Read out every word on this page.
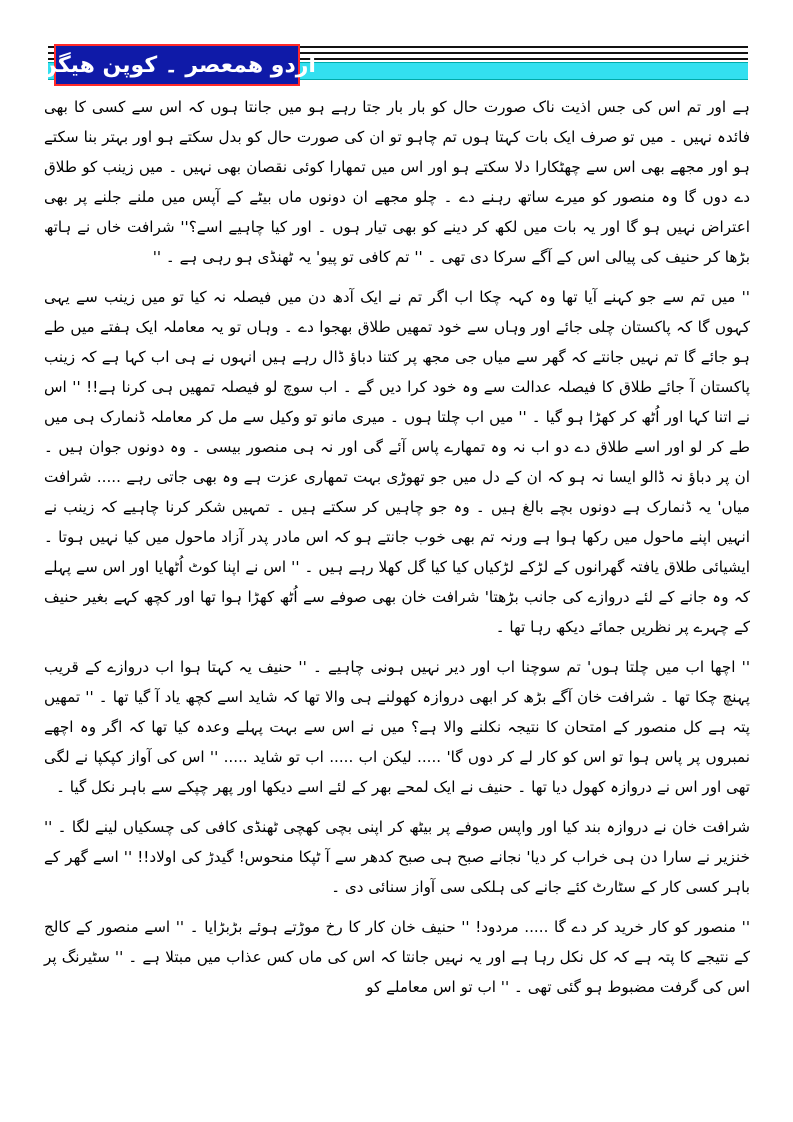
اردو ھمعصر ۔ کوپن ھیگن

ہے اور تم اس کی جس اذیت ناک صورت حال کو بار بار جتا رہے ہو میں جانتا ہوں کہ اس سے کسی کا بھی فائدہ نہیں ۔ میں تو صرف ایک بات کہتا ہوں تم چاہو تو ان کی صورت حال کو بدل سکتے ہو اور بہتر بنا سکتے ہو اور مجھے بھی اس سے چھٹکارا دلا سکتے ہو اور اس میں تمھارا کوئی نقصان بھی نہیں ۔ میں زینب کو طلاق دے دوں گا وہ منصور کو میرے ساتھ رہنے دے ۔ چلو مجھے ان دونوں ماں بیٹے کے آپس میں ملنے جلنے پر بھی اعتراض نہیں ہو گا اور یہ بات میں لکھ کر دینے کو بھی تیار ہوں ۔ اور کیا چاہیے اسے؟'' شرافت خاں نے ہاتھ بڑھا کر حنیف کی پیالی اس کے آگے سرکا دی تھی ۔ '' تم کافی تو پیو' یہ ٹھنڈی ہو رہی ہے ۔ ''

'' میں تم سے جو کہنے آیا تھا وہ کہہ چکا اب اگر تم نے ایک آدھ دن میں فیصلہ نہ کیا تو میں زینب سے یہی کہوں گا کہ پاکستان چلی جائے اور وہاں سے خود تمھیں طلاق بھجوا دے ۔ وہاں تو یہ معاملہ ایک ہفتے میں طے ہو جائے گا تم نہیں جانتے کہ گھر سے میاں جی مجھ پر کتنا دباؤ ڈال رہے ہیں انہوں نے ہی اب کہا ہے کہ زینب پاکستان آ جائے طلاق کا فیصلہ عدالت سے وہ خود کرا دیں گے ۔ اب سوچ لو فیصلہ تمھیں ہی کرنا ہے!! '' اس نے اتنا کہا اور اُٹھ کر کھڑا ہو گیا ۔ '' میں اب چلتا ہوں ۔ میری مانو تو وکیل سے مل کر معاملہ ڈنمارک ہی میں طے کر لو اور اسے طلاق دے دو اب نہ وہ تمھارے پاس آئے گی اور نہ ہی منصور بیسی ۔ وہ دونوں جوان ہیں ۔ ان پر دباؤ نہ ڈالو ایسا نہ ہو کہ ان کے دل میں جو تھوڑی بہت تمھاری عزت ہے وہ بھی جاتی رہے ..... شرافت میاں' یہ ڈنمارک ہے دونوں بچے بالغ ہیں ۔ وہ جو چاہیں کر سکتے ہیں ۔ تمہیں شکر کرنا چاہیے کہ زینب نے انہیں اپنے ماحول میں رکھا ہوا ہے ورنہ تم بھی خوب جانتے ہو کہ اس مادر پدر آزاد ماحول میں کیا نہیں ہوتا ۔ ایشیائی طلاق یافتہ گھرانوں کے لڑکے لڑکیاں کیا کیا گل کھلا رہے ہیں ۔ '' اس نے اپنا کوٹ اُٹھایا اور اس سے پہلے کہ وہ جانے کے لئے دروازے کی جانب بڑھتا' شرافت خان بھی صوفے سے اُٹھ کھڑا ہوا تھا اور کچھ کہے بغیر حنیف کے چہرے پر نظریں جمائے دیکھ رہا تھا ۔

'' اچھا اب میں چلتا ہوں' تم سوچنا اب اور دیر نہیں ہونی چاہیے ۔ '' حنیف یہ کہتا ہوا اب دروازے کے قریب پہنچ چکا تھا ۔ شرافت خان آگے بڑھ کر ابھی دروازہ کھولنے ہی والا تھا کہ شاید اسے کچھ یاد آ گیا تھا ۔ '' تمھیں پتہ ہے کل منصور کے امتحان کا نتیجہ نکلنے والا ہے؟ میں نے اس سے بہت پہلے وعدہ کیا تھا کہ اگر وہ اچھے نمبروں پر پاس ہوا تو اس کو کار لے کر دوں گا' ..... لیکن اب ..... اب تو شاید ..... '' اس کی آواز کپکپا نے لگی تھی اور اس نے دروازہ کھول دیا تھا ۔ حنیف نے ایک لمحے بھر کے لئے اسے دیکھا اور پھر چپکے سے باہر نکل گیا ۔

شرافت خان نے دروازہ بند کیا اور واپس صوفے پر بیٹھ کر اپنی بچی کھچی ٹھنڈی کافی کی چسکیاں لینے لگا ۔ '' خنزیر نے سارا دن ہی خراب کر دیا' نجانے صبح ہی صبح کدھر سے آ ٹپکا منحوس! گیدڑ کی اولاد!! '' اسے گھر کے باہر کسی کار کے سٹارٹ کئے جانے کی ہلکی سی آواز سنائی دی ۔

'' منصور کو کار خرید کر دے گا ..... مردود! '' حنیف خان کار کا رخ موڑتے ہوئے بڑبڑایا ۔ '' اسے منصور کے کالج کے نتیجے کا پتہ ہے کہ کل نکل رہا ہے اور یہ نہیں جانتا کہ اس کی ماں کس عذاب میں مبتلا ہے ۔ '' سٹیرنگ پر اس کی گرفت مضبوط ہو گئی تھی ۔ '' اب تو اس معاملے کو
